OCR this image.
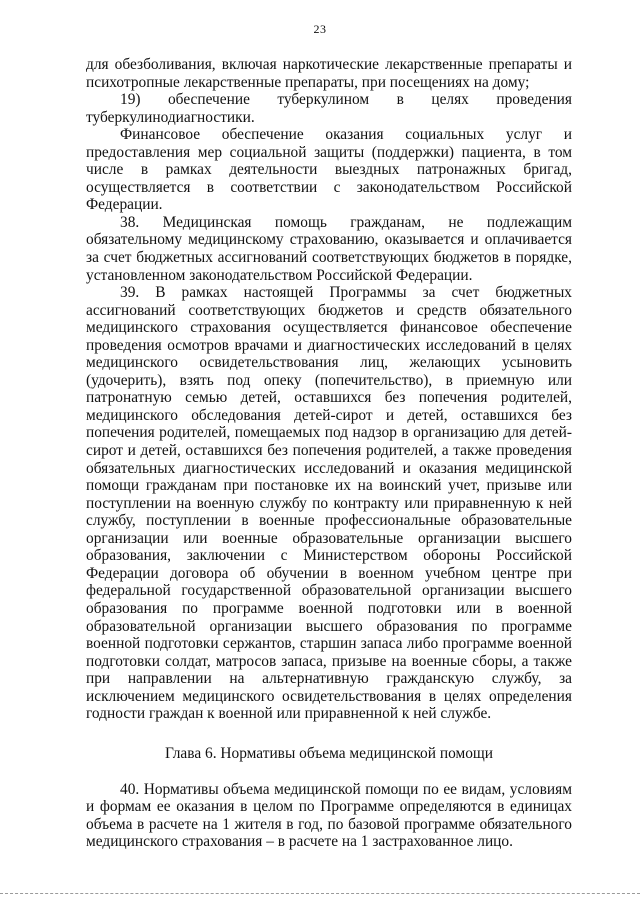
23

для обезболивания, включая наркотические лекарственные препараты и психотропные лекарственные препараты, при посещениях на дому;

19) обеспечение туберкулином в целях проведения туберкулинодиагностики.

Финансовое обеспечение оказания социальных услуг и предоставления мер социальной защиты (поддержки) пациента, в том числе в рамках деятельности выездных патронажных бригад, осуществляется в соответствии с законодательством Российской Федерации.

38. Медицинская помощь гражданам, не подлежащим обязательному медицинскому страхованию, оказывается и оплачивается за счет бюджетных ассигнований соответствующих бюджетов в порядке, установленном законодательством Российской Федерации.

39. В рамках настоящей Программы за счет бюджетных ассигнований соответствующих бюджетов и средств обязательного медицинского страхования осуществляется финансовое обеспечение проведения осмотров врачами и диагностических исследований в целях медицинского освидетельствования лиц, желающих усыновить (удочерить), взять под опеку (попечительство), в приемную или патронатную семью детей, оставшихся без попечения родителей, медицинского обследования детей-сирот и детей, оставшихся без попечения родителей, помещаемых под надзор в организацию для детей-сирот и детей, оставшихся без попечения родителей, а также проведения обязательных диагностических исследований и оказания медицинской помощи гражданам при постановке их на воинский учет, призыве или поступлении на военную службу по контракту или приравненную к ней службу, поступлении в военные профессиональные образовательные организации или военные образовательные организации высшего образования, заключении с Министерством обороны Российской Федерации договора об обучении в военном учебном центре при федеральной государственной образовательной организации высшего образования по программе военной подготовки или в военной образовательной организации высшего образования по программе военной подготовки сержантов, старшин запаса либо программе военной подготовки солдат, матросов запаса, призыве на военные сборы, а также при направлении на альтернативную гражданскую службу, за исключением медицинского освидетельствования в целях определения годности граждан к военной или приравненной к ней службе.

Глава 6. Нормативы объема медицинской помощи

40. Нормативы объема медицинской помощи по ее видам, условиям и формам ее оказания в целом по Программе определяются в единицах объема в расчете на 1 жителя в год, по базовой программе обязательного медицинского страхования – в расчете на 1 застрахованное лицо.
